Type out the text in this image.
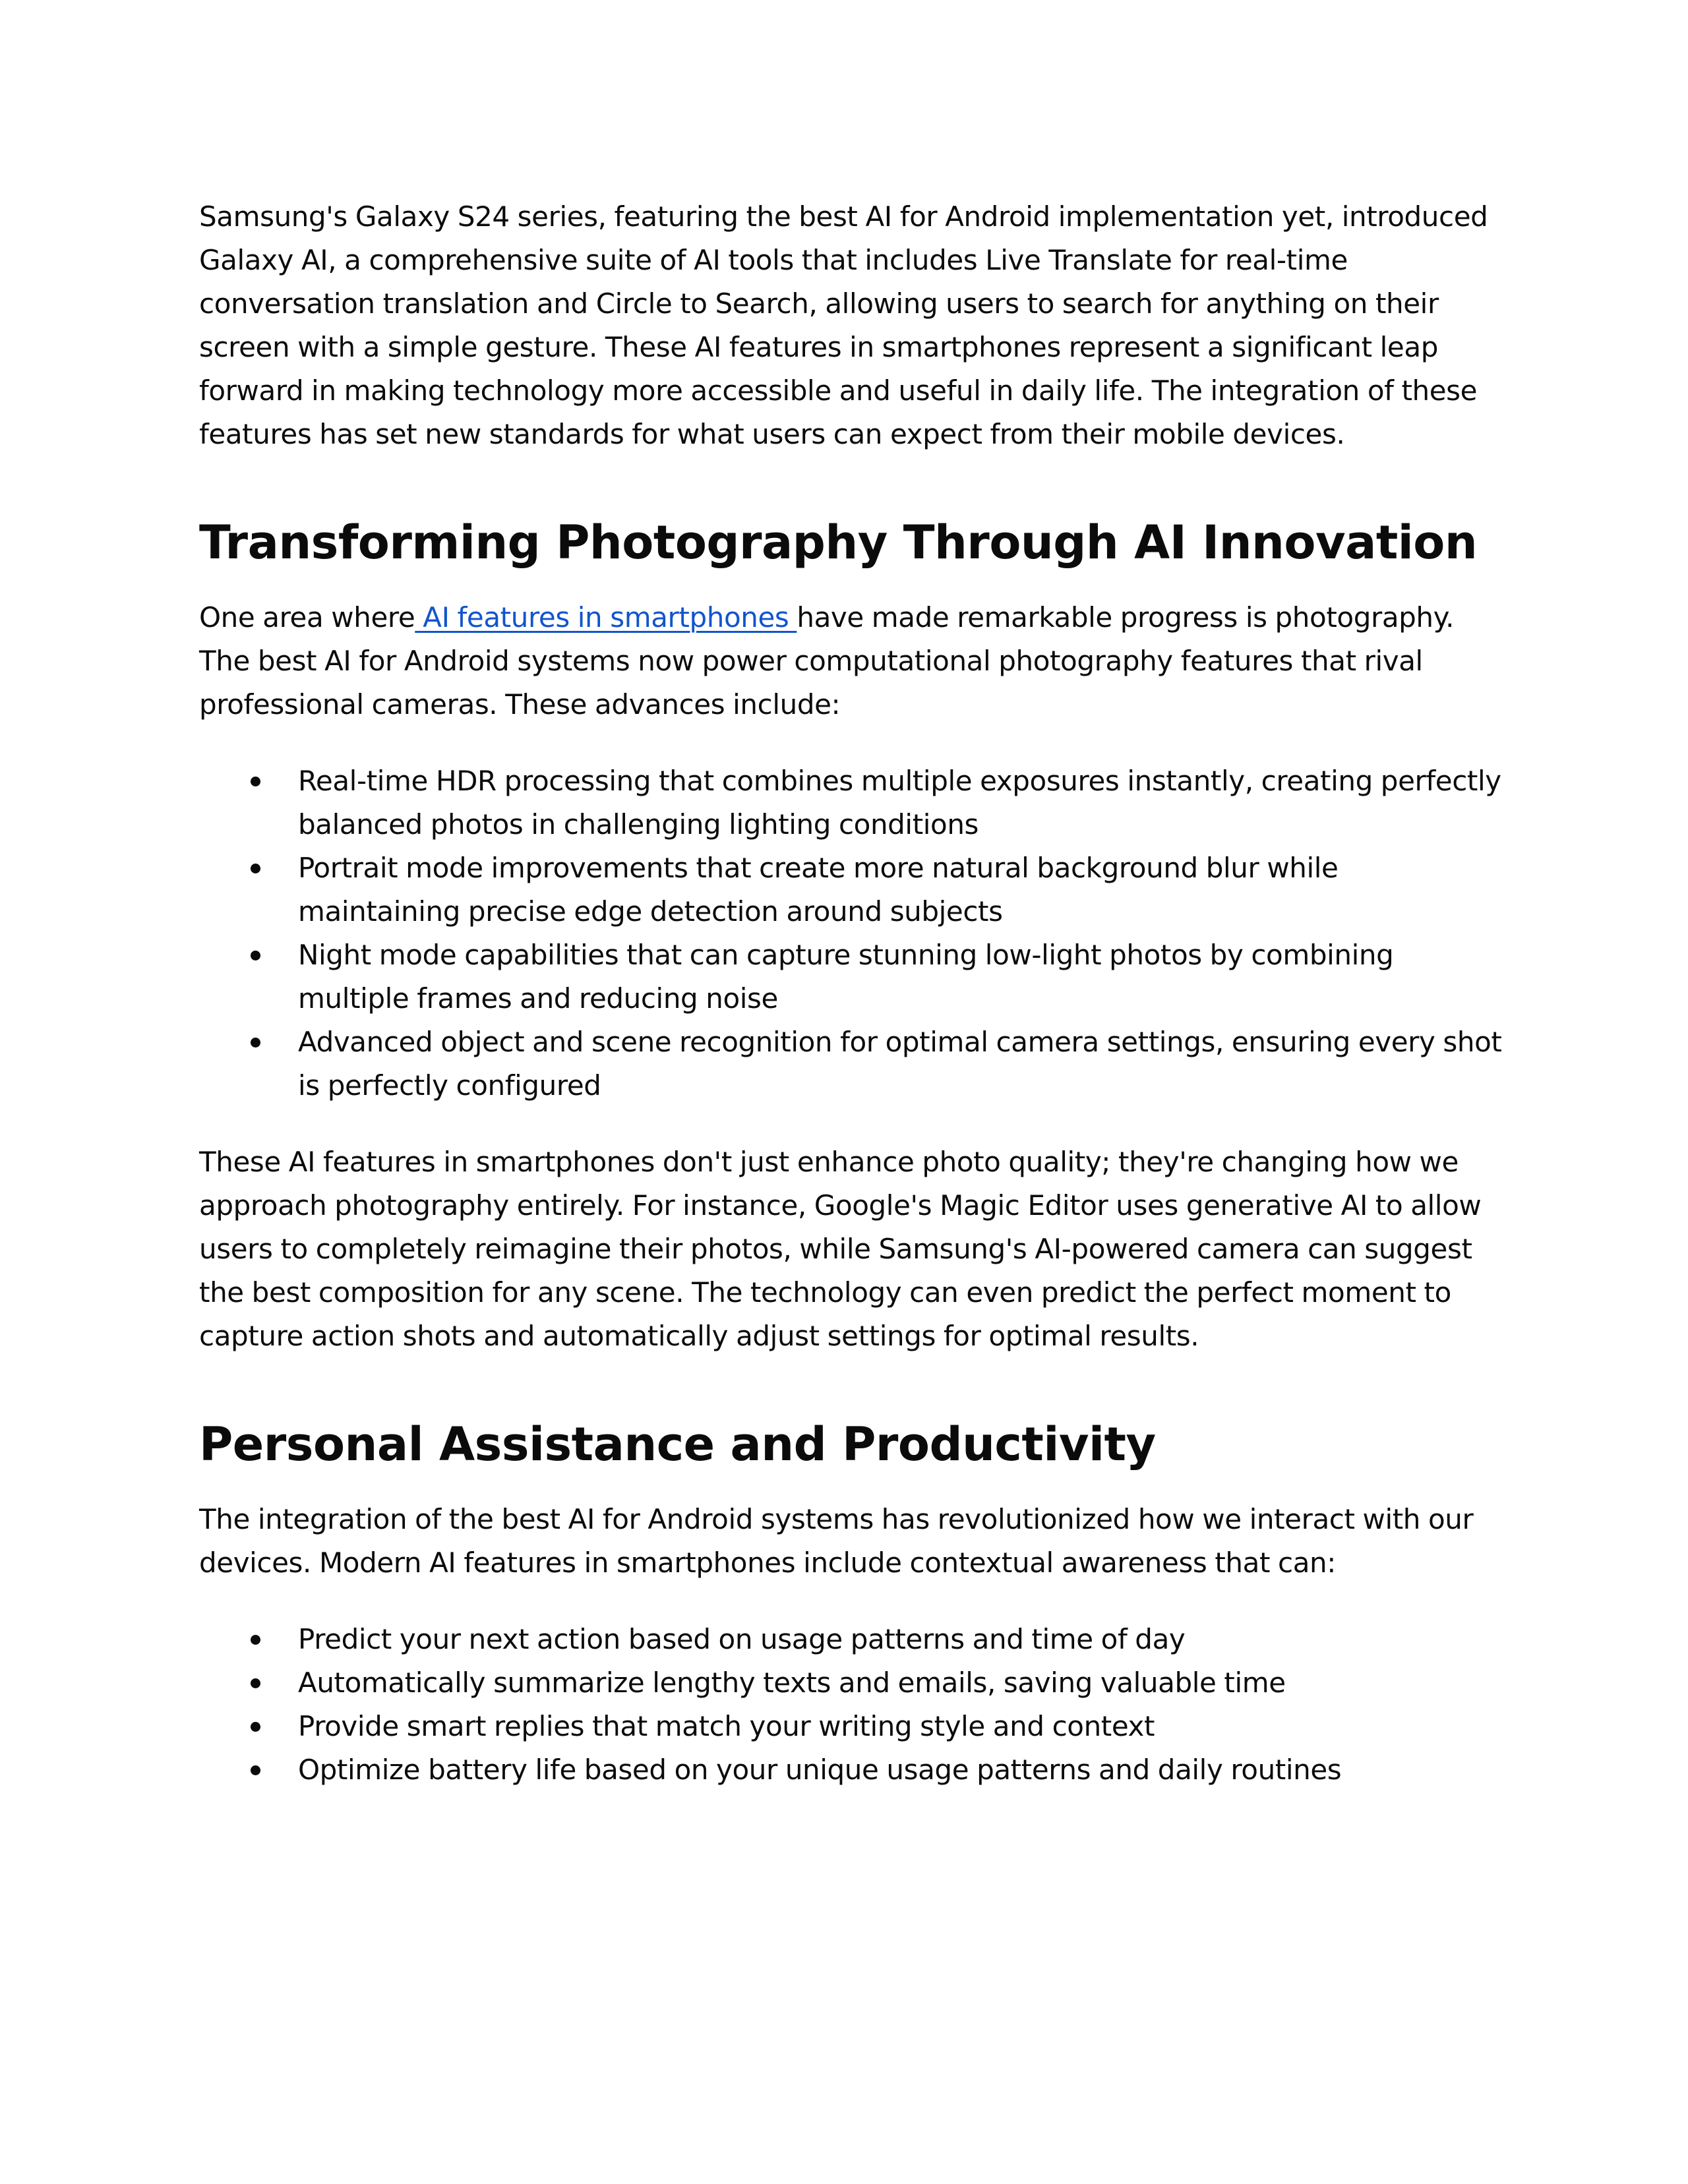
Samsung's Galaxy S24 series, featuring the best AI for Android implementation yet, introduced Galaxy AI, a comprehensive suite of AI tools that includes Live Translate for real-time conversation translation and Circle to Search, allowing users to search for anything on their screen with a simple gesture. These AI features in smartphones represent a significant leap forward in making technology more accessible and useful in daily life. The integration of these features has set new standards for what users can expect from their mobile devices.

Transforming Photography Through AI Innovation

One area where AI features in smartphones have made remarkable progress is photography. The best AI for Android systems now power computational photography features that rival professional cameras. These advances include:

Real-time HDR processing that combines multiple exposures instantly, creating perfectly balanced photos in challenging lighting conditions
Portrait mode improvements that create more natural background blur while maintaining precise edge detection around subjects
Night mode capabilities that can capture stunning low-light photos by combining multiple frames and reducing noise
Advanced object and scene recognition for optimal camera settings, ensuring every shot is perfectly configured

These AI features in smartphones don't just enhance photo quality; they're changing how we approach photography entirely. For instance, Google's Magic Editor uses generative AI to allow users to completely reimagine their photos, while Samsung's AI-powered camera can suggest the best composition for any scene. The technology can even predict the perfect moment to capture action shots and automatically adjust settings for optimal results.

Personal Assistance and Productivity

The integration of the best AI for Android systems has revolutionized how we interact with our devices. Modern AI features in smartphones include contextual awareness that can:

Predict your next action based on usage patterns and time of day
Automatically summarize lengthy texts and emails, saving valuable time
Provide smart replies that match your writing style and context
Optimize battery life based on your unique usage patterns and daily routines
